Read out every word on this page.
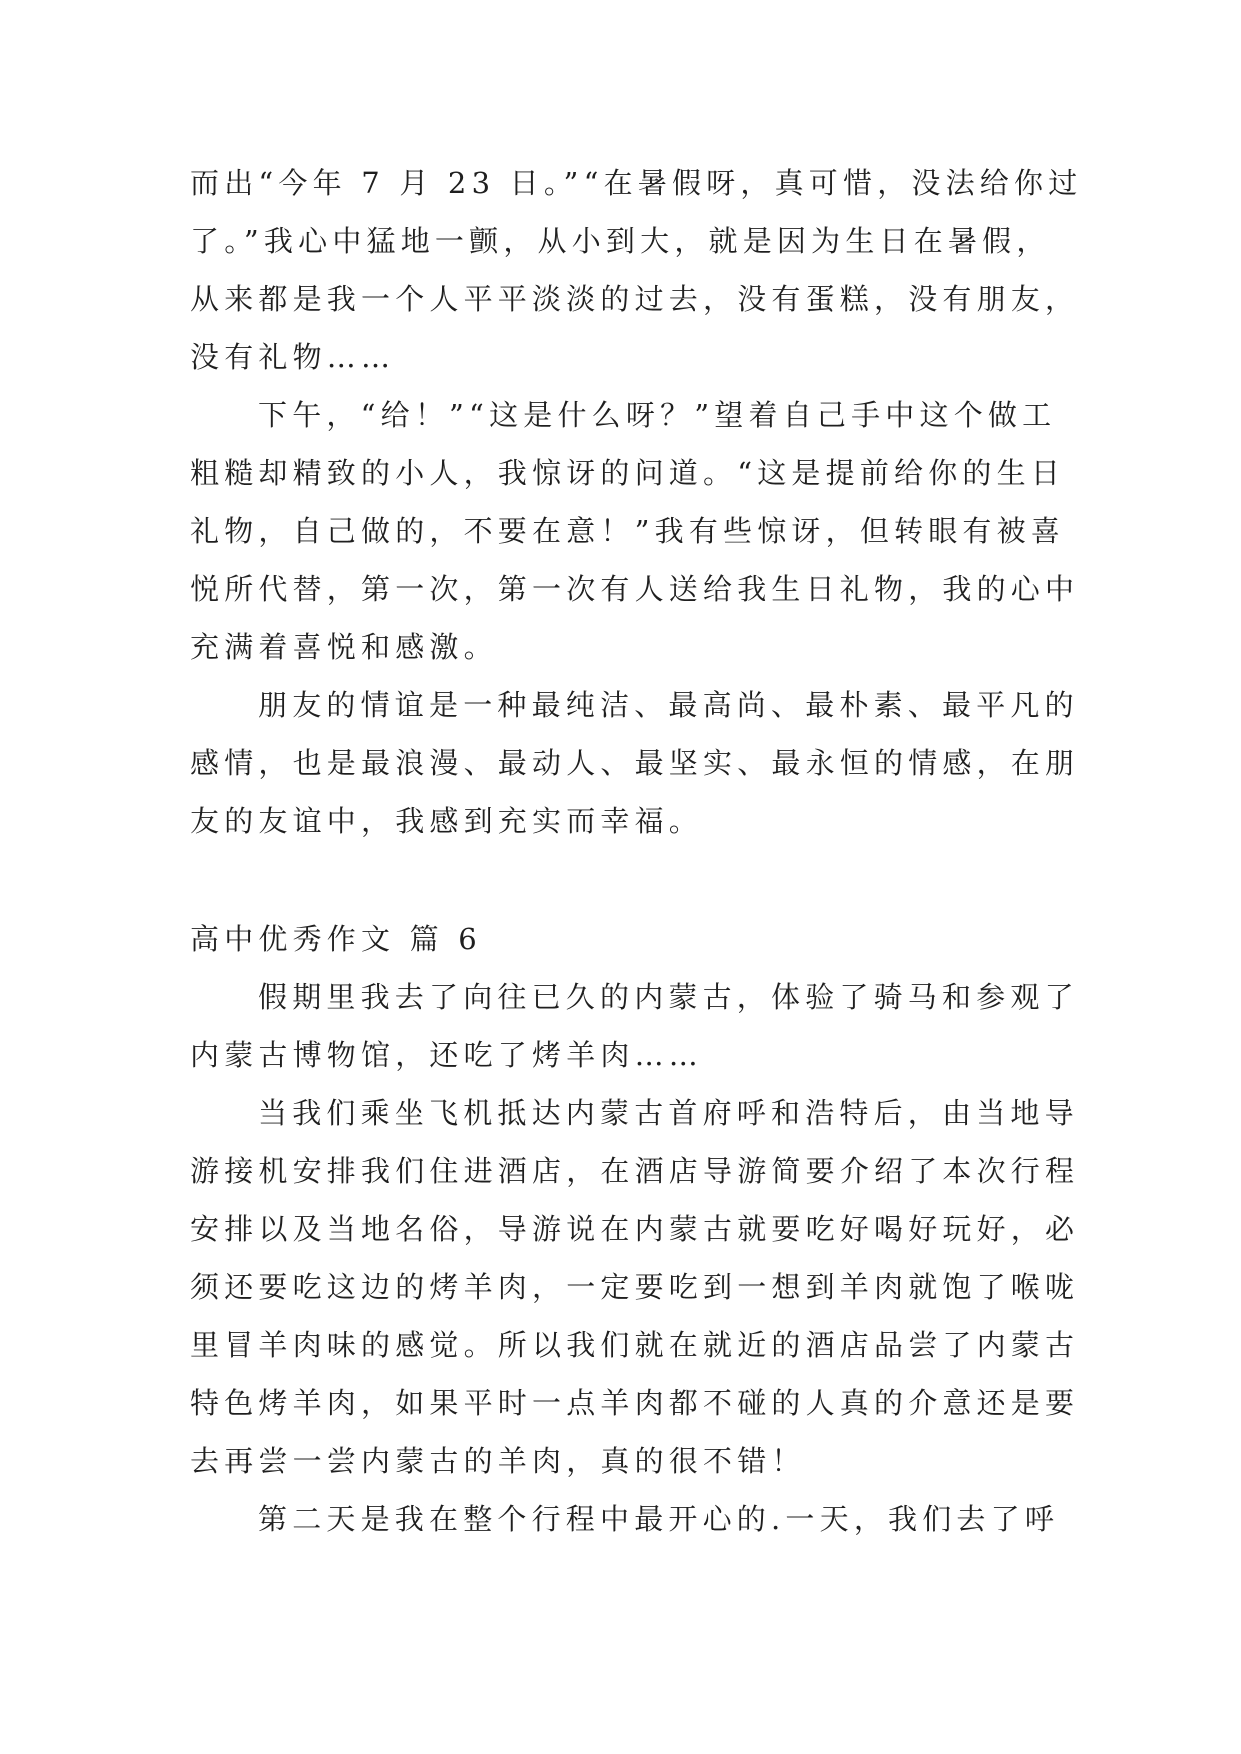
而出“今年 7 月 23 日。”“在暑假呀，真可惜，没法给你过
了。”我心中猛地一颤，从小到大，就是因为生日在暑假，
从来都是我一个人平平淡淡的过去，没有蛋糕，没有朋友，
没有礼物……
下午，“给！”“这是什么呀？”望着自己手中这个做工
粗糙却精致的小人，我惊讶的问道。“这是提前给你的生日
礼物，自己做的，不要在意！”我有些惊讶，但转眼有被喜
悦所代替，第一次，第一次有人送给我生日礼物，我的心中
充满着喜悦和感激。
朋友的情谊是一种最纯洁、最高尚、最朴素、最平凡的
感情，也是最浪漫、最动人、最坚实、最永恒的情感，在朋
友的友谊中，我感到充实而幸福。
高中优秀作文 篇 6
假期里我去了向往已久的内蒙古，体验了骑马和参观了
内蒙古博物馆，还吃了烤羊肉……
当我们乘坐飞机抵达内蒙古首府呼和浩特后，由当地导
游接机安排我们住进酒店，在酒店导游简要介绍了本次行程
安排以及当地名俗，导游说在内蒙古就要吃好喝好玩好，必
须还要吃这边的烤羊肉，一定要吃到一想到羊肉就饱了喉咙
里冒羊肉味的感觉。所以我们就在就近的酒店品尝了内蒙古
特色烤羊肉，如果平时一点羊肉都不碰的人真的介意还是要
去再尝一尝内蒙古的羊肉，真的很不错！
第二天是我在整个行程中最开心的.一天，我们去了呼
